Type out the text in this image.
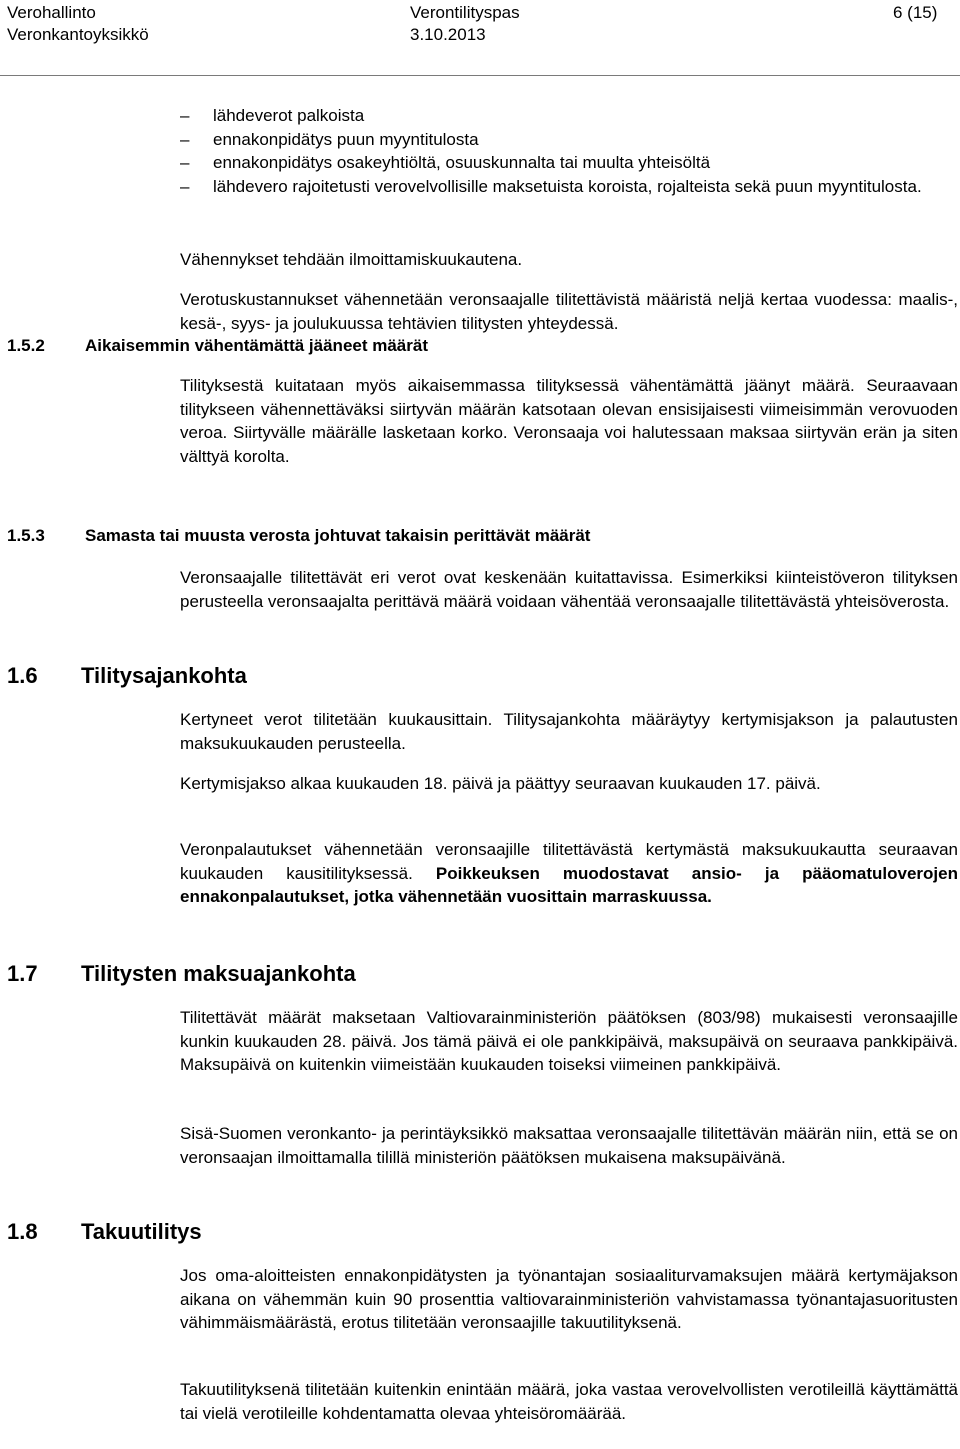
Verohallinto
Veronkantoyksikkö
Verontilityspas
3.10.2013
6 (15)
–	lähdeverot palkoista
–	ennakonpidätys puun myyntitulosta
–	ennakonpidätys osakeyhtiöltä, osuuskunnalta tai muulta yhteisöltä
–	lähdevero rajoitetusti verovelvollisille maksetuista koroista, rojalteista sekä puun myyntitulosta.
Vähennykset tehdään ilmoittamiskuukautena.
Verotuskustannukset vähennetään veronsaajalle tilitettävistä määristä neljä kertaa vuodessa: maalis-, kesä-, syys- ja joulukuussa tehtävien tilitysten yhteydessä.
1.5.2 Aikaisemmin vähentämättä jääneet määrät
Tilityksestä kuitataan myös aikaisemmassa tilityksessä vähentämättä jäänyt määrä. Seuraavaan tilitykseen vähennettäväksi siirtyvän määrän katsotaan olevan ensisijaisesti viimeisimmän verovuoden veroa. Siirtyvälle määrälle lasketaan korko. Veronsaaja voi halutessaan maksaa siirtyvän erän ja siten välttyä korolta.
1.5.3 Samasta tai muusta verosta johtuvat takaisin perittävät määrät
Veronsaajalle tilitettävät eri verot ovat keskenään kuitattavissa. Esimerkiksi kiinteistöveron tilityksen perusteella veronsaajalta perittävä määrä voidaan vähentää veronsaajalle tilitettävästä yhteisöverosta.
1.6 Tilitysajankohta
Kertyneet verot tilitetään kuukausittain. Tilitysajankohta määräytyy kertymisjakson ja palautusten maksukuukauden perusteella.
Kertymisjakso alkaa kuukauden 18. päivä ja päättyy seuraavan kuukauden 17. päivä.
Veronpalautukset vähennetään veronsaajille tilitettävästä kertymästä maksukuukautta seuraavan kuukauden kausitilityksessä. Poikkeuksen muodostavat ansio- ja pääomatuloverojen ennakonpalautukset, jotka vähennetään vuosittain marraskuussa.
1.7 Tilitysten maksuajankohta
Tilitettävät määrät maksetaan Valtiovarainministeriön päätöksen (803/98) mukaisesti veronsaajille kunkin kuukauden 28. päivä. Jos tämä päivä ei ole pankkipäivä, maksupäivä on seuraava pankkipäivä. Maksupäivä on kuitenkin viimeistään kuukauden toiseksi viimeinen pankkipäivä.
Sisä-Suomen veronkanto- ja perintäyksikkö maksattaa veronsaajalle tilitettävän määrän niin, että se on veronsaajan ilmoittamalla tilillä ministeriön päätöksen mukaisena maksupäivänä.
1.8 Takuutilitys
Jos oma-aloitteisten ennakonpidätysten ja työnantajan sosiaaliturvamaksujen määrä kertymäjakson aikana on vähemmän kuin 90 prosenttia valtiovarainministeriön vahvistamassa työnantajasuoritusten vähimmäismäärästä, erotus tilitetään veronsaajille takuutilityksenä.
Takuutilityksenä tilitetään kuitenkin enintään määrä, joka vastaa verovelvollisten verotileillä käyttämättä tai vielä verotileille kohdentamatta olevaa yhteisöromäärää.
